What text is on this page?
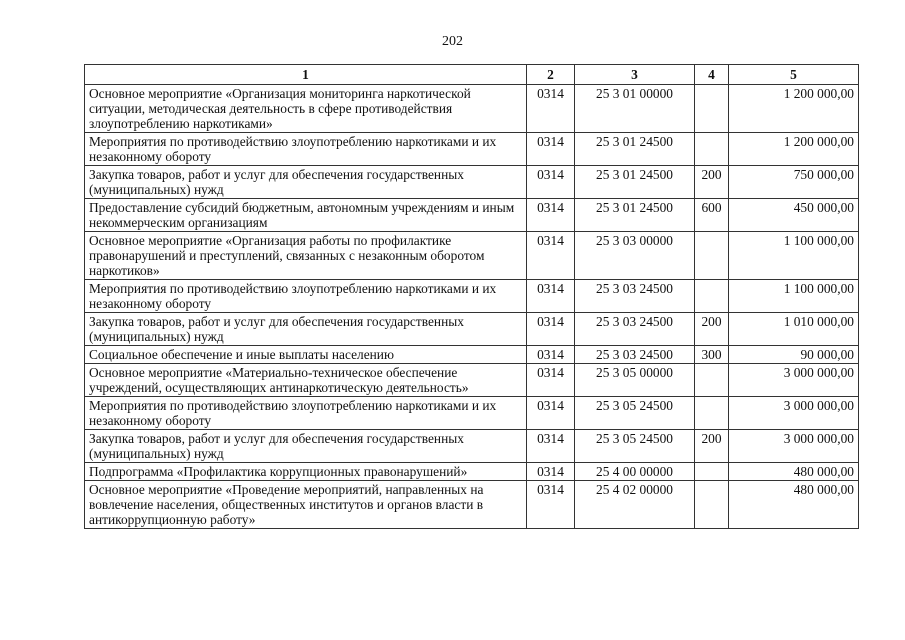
202
1	2	3	4	5
Основное мероприятие «Организация мониторинга наркотической ситуации, методическая деятельность в сфере противодействия злоупотреблению наркотиками»	0314	25 3 01 00000		1 200 000,00
Мероприятия по противодействию злоупотреблению наркотиками и их незаконному обороту	0314	25 3 01 24500		1 200 000,00
Закупка товаров, работ и услуг для обеспечения государственных (муниципальных) нужд	0314	25 3 01 24500	200	750 000,00
Предоставление субсидий бюджетным, автономным учреждениям и иным некоммерческим организациям	0314	25 3 01 24500	600	450 000,00
Основное мероприятие «Организация работы по профилактике правонарушений и преступлений, связанных с незаконным оборотом наркотиков»	0314	25 3 03 00000		1 100 000,00
Мероприятия по противодействию злоупотреблению наркотиками и их незаконному обороту	0314	25 3 03 24500		1 100 000,00
Закупка товаров, работ и услуг для обеспечения государственных (муниципальных) нужд	0314	25 3 03 24500	200	1 010 000,00
Социальное обеспечение и иные выплаты населению	0314	25 3 03 24500	300	90 000,00
Основное мероприятие «Материально-техническое обеспечение учреждений, осуществляющих антинаркотическую деятельность»	0314	25 3 05 00000		3 000 000,00
Мероприятия по противодействию злоупотреблению наркотиками и их незаконному обороту	0314	25 3 05 24500		3 000 000,00
Закупка товаров, работ и услуг для обеспечения государственных (муниципальных) нужд	0314	25 3 05 24500	200	3 000 000,00
Подпрограмма «Профилактика коррупционных правонарушений»	0314	25 4 00 00000		480 000,00
Основное мероприятие «Проведение мероприятий, направленных на вовлечение населения, общественных институтов и органов власти в антикоррупционную работу»	0314	25 4 02 00000		480 000,00
